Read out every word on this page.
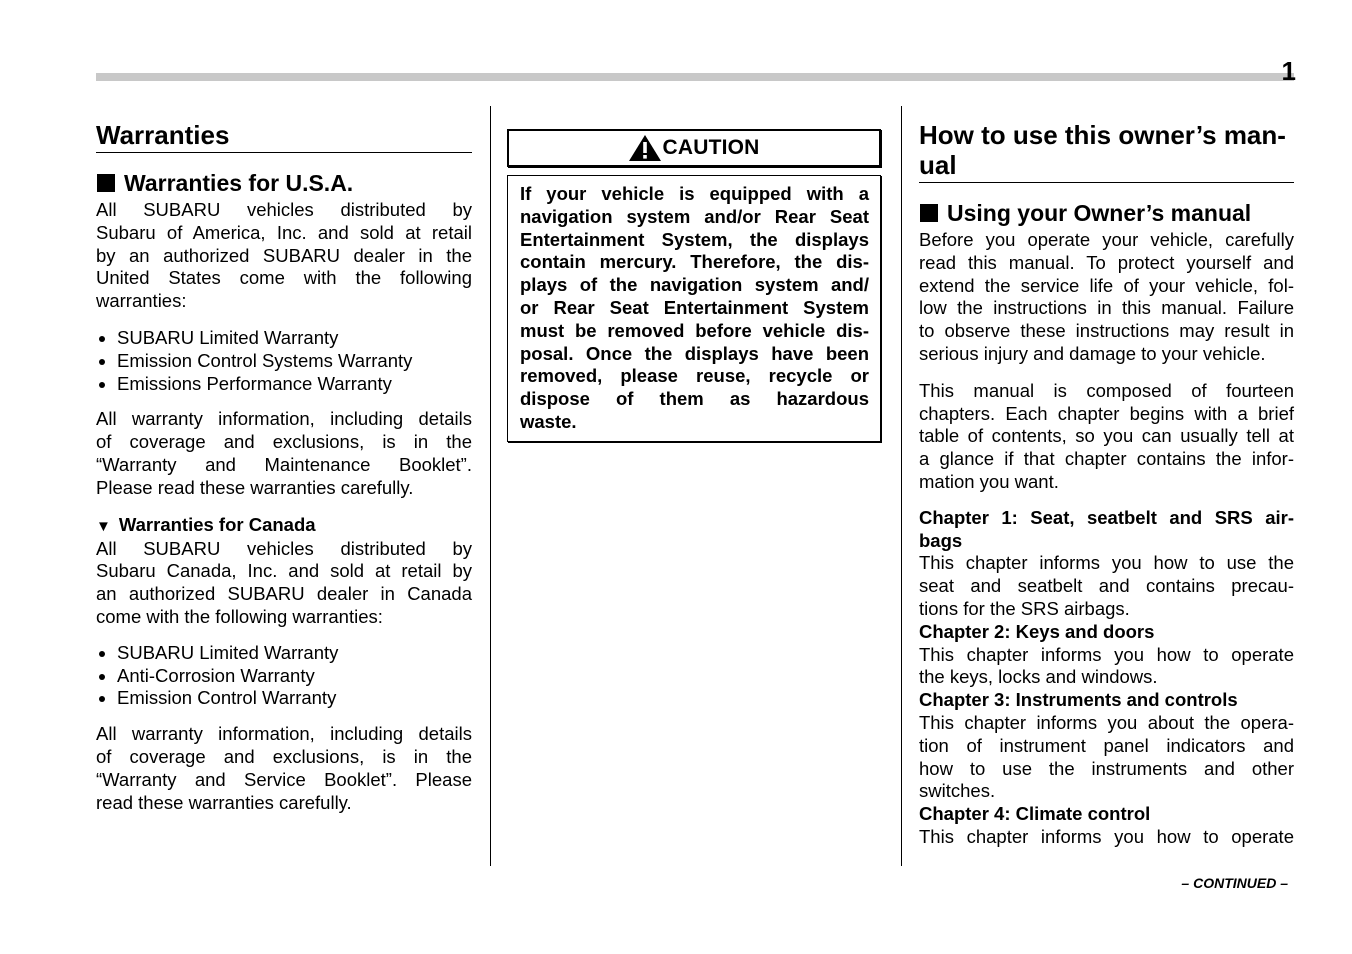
1
Warranties
Warranties for U.S.A.
All SUBARU vehicles distributed by
Subaru of America, Inc. and sold at retail
by an authorized SUBARU dealer in the
United States come with the following
warranties:
SUBARU Limited Warranty
Emission Control Systems Warranty
Emissions Performance Warranty
All warranty information, including details
of coverage and exclusions, is in the
“Warranty and Maintenance Booklet”.
Please read these warranties carefully.
▼ Warranties for Canada
All SUBARU vehicles distributed by
Subaru Canada, Inc. and sold at retail by
an authorized SUBARU dealer in Canada
come with the following warranties:
SUBARU Limited Warranty
Anti-Corrosion Warranty
Emission Control Warranty
All warranty information, including details
of coverage and exclusions, is in the
“Warranty and Service Booklet”. Please
read these warranties carefully.
CAUTION
If your vehicle is equipped with a
navigation system and/or Rear Seat
Entertainment System, the displays
contain mercury. Therefore, the dis-
plays of the navigation system and/
or Rear Seat Entertainment System
must be removed before vehicle dis-
posal. Once the displays have been
removed, please reuse, recycle or
dispose of them as hazardous
waste.
How to use this owner’s man-
ual
Using your Owner’s manual
Before you operate your vehicle, carefully
read this manual. To protect yourself and
extend the service life of your vehicle, fol-
low the instructions in this manual. Failure
to observe these instructions may result in
serious injury and damage to your vehicle.
This manual is composed of fourteen
chapters. Each chapter begins with a brief
table of contents, so you can usually tell at
a glance if that chapter contains the infor-
mation you want.
Chapter 1: Seat, seatbelt and SRS air-
bags
This chapter informs you how to use the
seat and seatbelt and contains precau-
tions for the SRS airbags.
Chapter 2: Keys and doors
This chapter informs you how to operate
the keys, locks and windows.
Chapter 3: Instruments and controls
This chapter informs you about the opera-
tion of instrument panel indicators and
how to use the instruments and other
switches.
Chapter 4: Climate control
This chapter informs you how to operate
– CONTINUED –
